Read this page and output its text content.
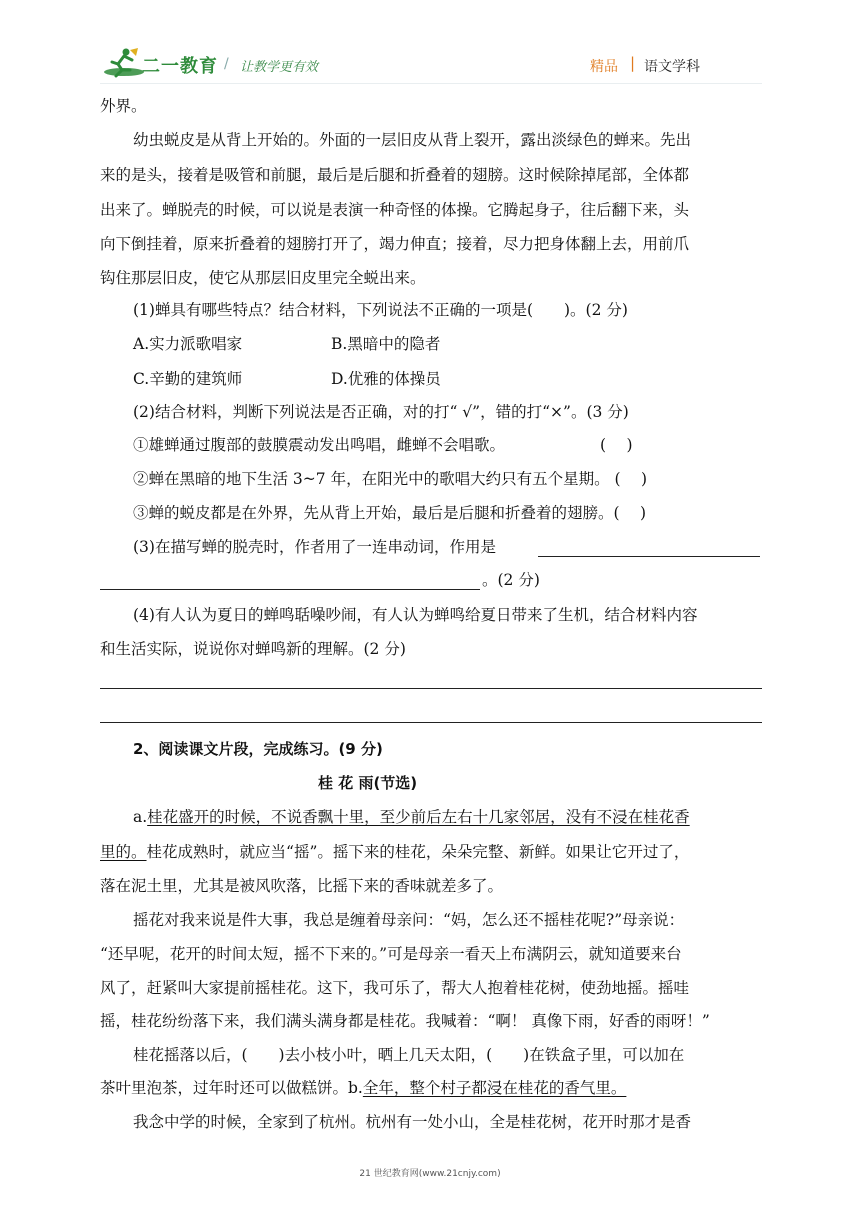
二一教育 / 让教学更有效	精品 | 语文学科
外界。
幼虫蜕皮是从背上开始的。外面的一层旧皮从背上裂开，露出淡绿色的蝉来。先出
来的是头，接着是吸管和前腿，最后是后腿和折叠着的翅膀。这时候除掉尾部，全体都
出来了。蝉脱壳的时候，可以说是表演一种奇怪的体操。它腾起身子，往后翻下来，头
向下倒挂着，原来折叠着的翅膀打开了，竭力伸直；接着，尽力把身体翻上去，用前爪
钩住那层旧皮，使它从那层旧皮里完全蜕出来。
(1)蝉具有哪些特点？结合材料，下列说法不正确的一项是(　　)。(2 分)
A.实力派歌唱家	B.黑暗中的隐者
C.辛勤的建筑师	D.优雅的体操员
(2)结合材料，判断下列说法是否正确，对的打“ √”，错的打“×”。(3 分)
①雄蝉通过腹部的鼓膜震动发出鸣唱，雌蝉不会唱歌。	(　 )
②蝉在黑暗的地下生活 3~7 年，在阳光中的歌唱大约只有五个星期。 (　 )
③蝉的蜕皮都是在外界，先从背上开始，最后是后腿和折叠着的翅膀。(　 )
(3)在描写蝉的脱壳时，作者用了一连串动词，作用是
。(2 分)
(4)有人认为夏日的蝉鸣聒噪吵闹，有人认为蝉鸣给夏日带来了生机，结合材料内容
和生活实际，说说你对蝉鸣新的理解。(2 分)
2、阅读课文片段，完成练习。(9 分)
桂 花 雨(节选)
a.桂花盛开的时候，不说香飘十里，至少前后左右十几家邻居，没有不浸在桂花香
里的。桂花成熟时，就应当“摇”。摇下来的桂花，朵朵完整、新鲜。如果让它开过了，
落在泥土里，尤其是被风吹落，比摇下来的香味就差多了。
摇花对我来说是件大事，我总是缠着母亲问：“妈，怎么还不摇桂花呢?”母亲说：
“还早呢，花开的时间太短，摇不下来的。”可是母亲一看天上布满阴云，就知道要来台
风了，赶紧叫大家提前摇桂花。这下，我可乐了，帮大人抱着桂花树，使劲地摇。摇哇
摇，桂花纷纷落下来，我们满头满身都是桂花。我喊着：“啊！ 真像下雨，好香的雨呀！”
桂花摇落以后，(　　)去小枝小叶，晒上几天太阳，(　　)在铁盒子里，可以加在
茶叶里泡茶，过年时还可以做糕饼。b.全年，整个村子都浸在桂花的香气里。
我念中学的时候，全家到了杭州。杭州有一处小山，全是桂花树，花开时那才是香
21 世纪教育网(www.21cnjy.com)
